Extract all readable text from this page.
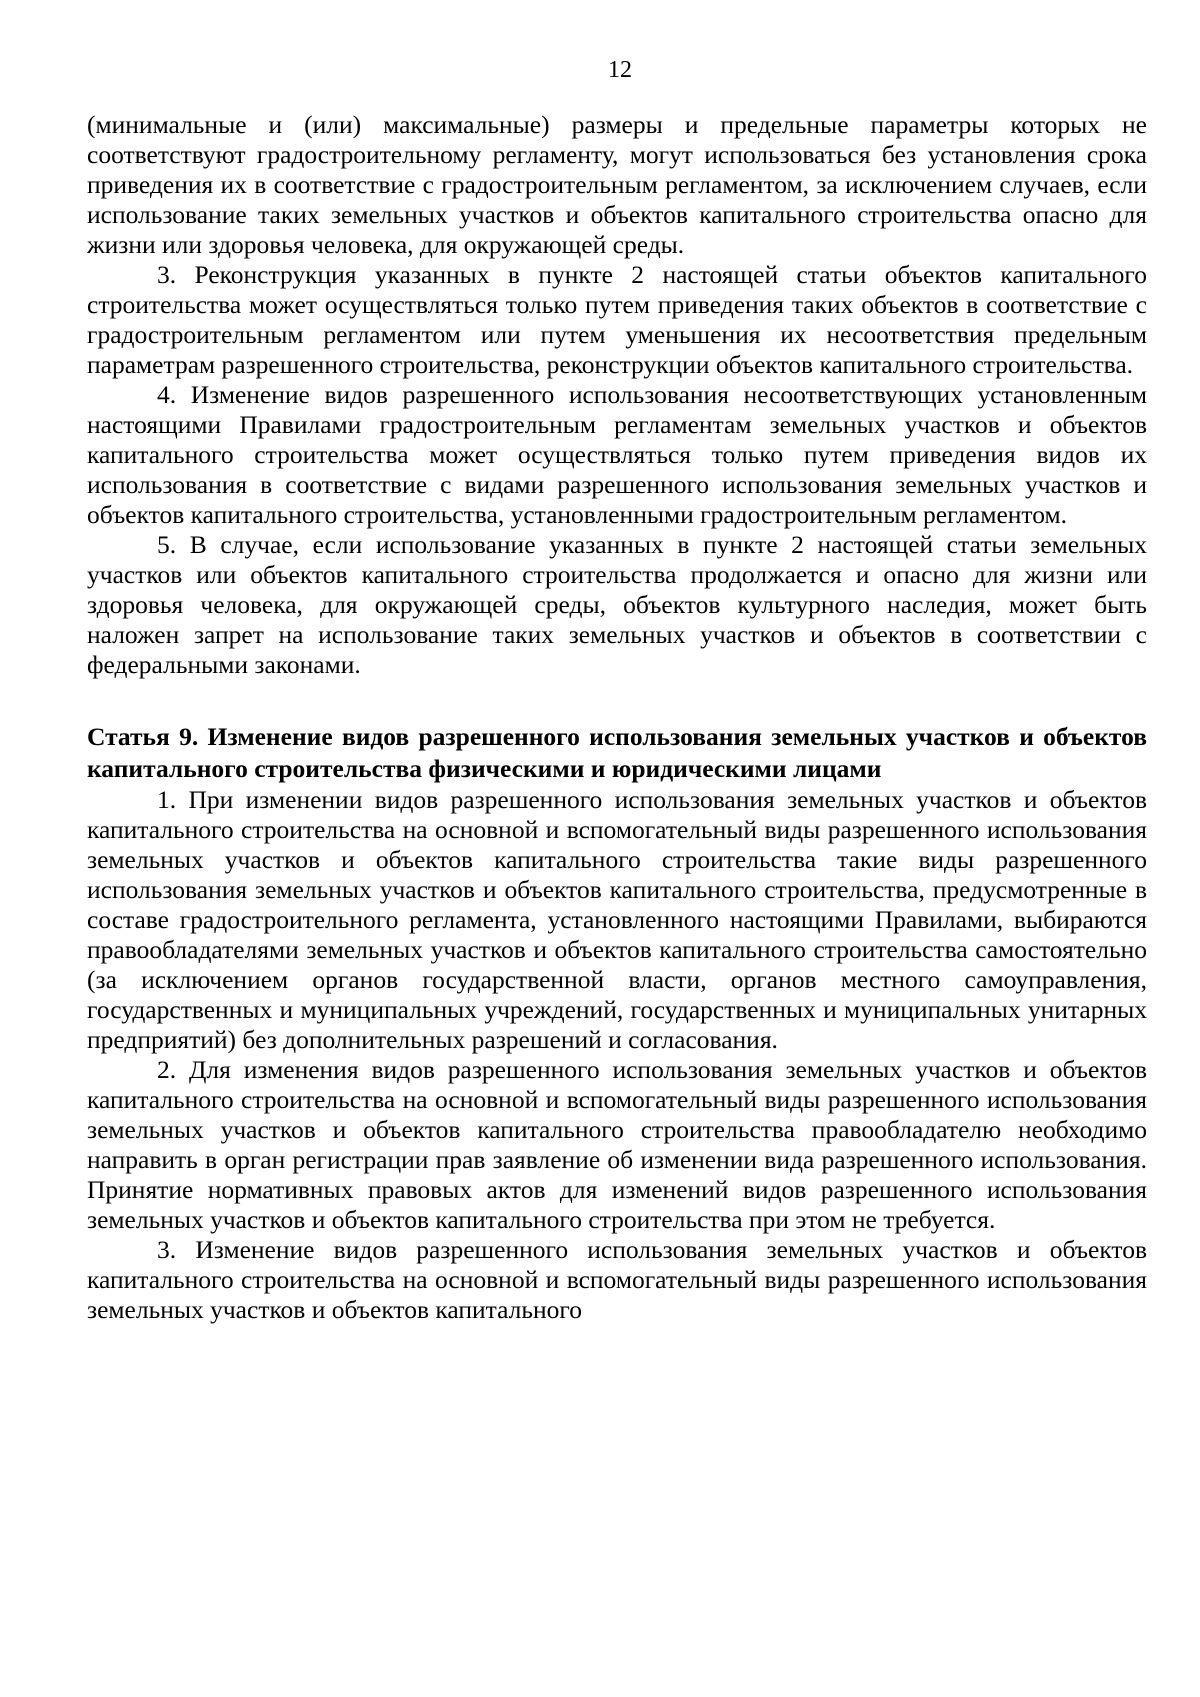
12

(минимальные и (или) максимальные) размеры и предельные параметры которых не соответствуют градостроительному регламенту, могут использоваться без установления срока приведения их в соответствие с градостроительным регламентом, за исключением случаев, если использование таких земельных участков и объектов капитального строительства опасно для жизни или здоровья человека, для окружающей среды.

3. Реконструкция указанных в пункте 2 настоящей статьи объектов капитального строительства может осуществляться только путем приведения таких объектов в соответствие с градостроительным регламентом или путем уменьшения их несоответствия предельным параметрам разрешенного строительства, реконструкции объектов капитального строительства.

4. Изменение видов разрешенного использования несоответствующих установленным настоящими Правилами градостроительным регламентам земельных участков и объектов капитального строительства может осуществляться только путем приведения видов их использования в соответствие с видами разрешенного использования земельных участков и объектов капитального строительства, установленными градостроительным регламентом.

5. В случае, если использование указанных в пункте 2 настоящей статьи земельных участков или объектов капитального строительства продолжается и опасно для жизни или здоровья человека, для окружающей среды, объектов культурного наследия, может быть наложен запрет на использование таких земельных участков и объектов в соответствии с федеральными законами.

Статья 9. Изменение видов разрешенного использования земельных участков и объектов капитального строительства физическими и юридическими лицами

1. При изменении видов разрешенного использования земельных участков и объектов капитального строительства на основной и вспомогательный виды разрешенного использования земельных участков и объектов капитального строительства такие виды разрешенного использования земельных участков и объектов капитального строительства, предусмотренные в составе градостроительного регламента, установленного настоящими Правилами, выбираются правообладателями земельных участков и объектов капитального строительства самостоятельно (за исключением органов государственной власти, органов местного самоуправления, государственных и муниципальных учреждений, государственных и муниципальных унитарных предприятий) без дополнительных разрешений и согласования.

2. Для изменения видов разрешенного использования земельных участков и объектов капитального строительства на основной и вспомогательный виды разрешенного использования земельных участков и объектов капитального строительства правообладателю необходимо направить в орган регистрации прав заявление об изменении вида разрешенного использования. Принятие нормативных правовых актов для изменений видов разрешенного использования земельных участков и объектов капитального строительства при этом не требуется.

3. Изменение видов разрешенного использования земельных участков и объектов капитального строительства на основной и вспомогательный виды разрешенного использования земельных участков и объектов капитального
